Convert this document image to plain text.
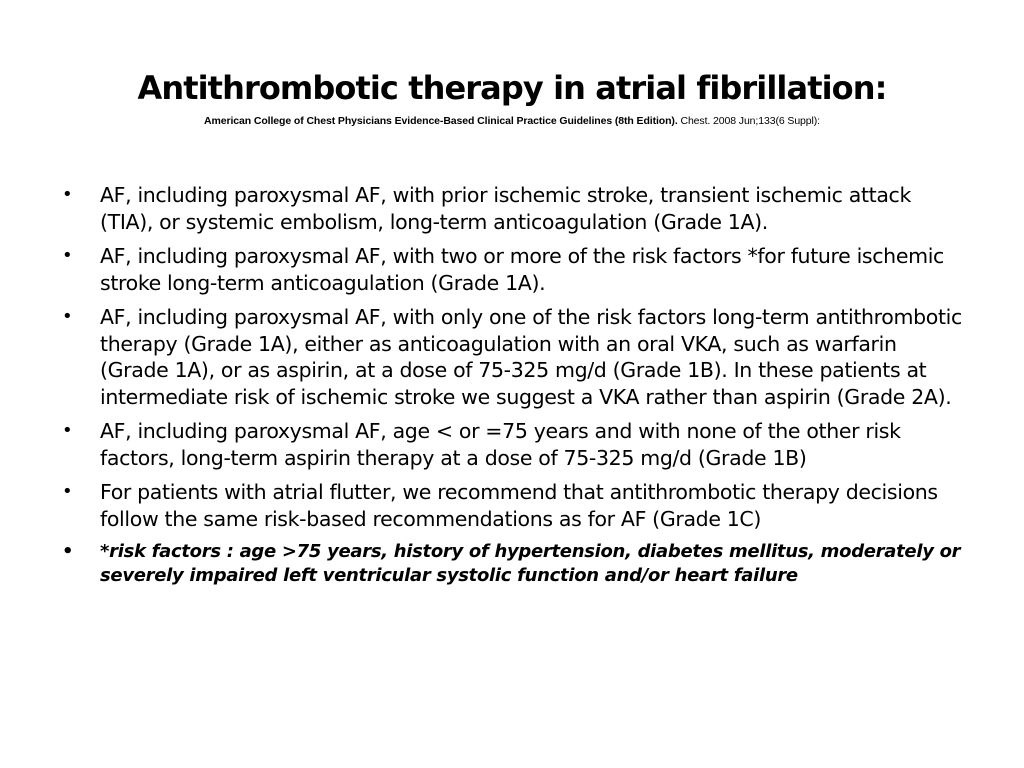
Antithrombotic therapy in atrial fibrillation:
American College of Chest Physicians Evidence-Based Clinical Practice Guidelines (8th Edition). Chest. 2008 Jun;133(6 Suppl):
•	AF, including paroxysmal AF, with prior ischemic stroke, transient ischemic attack (TIA), or systemic embolism, long-term anticoagulation (Grade 1A).
•	AF, including paroxysmal AF, with two or more of the risk factors *for future ischemic stroke long-term anticoagulation (Grade 1A).
•	AF, including paroxysmal AF, with only one of the risk factors long-term antithrombotic therapy (Grade 1A), either as anticoagulation with an oral VKA, such as warfarin (Grade 1A), or as aspirin, at a dose of 75-325 mg/d (Grade 1B). In these patients at intermediate risk of ischemic stroke we suggest a VKA rather than aspirin (Grade 2A).
•	AF, including paroxysmal AF, age < or =75 years and with none of the other risk factors, long-term aspirin therapy at a dose of 75-325 mg/d (Grade 1B)
•	For patients with atrial flutter, we recommend that antithrombotic therapy decisions follow the same risk-based recommendations as for AF (Grade 1C)
•	*risk factors : age >75 years, history of hypertension, diabetes mellitus, moderately or severely impaired left ventricular systolic function and/or heart failure
